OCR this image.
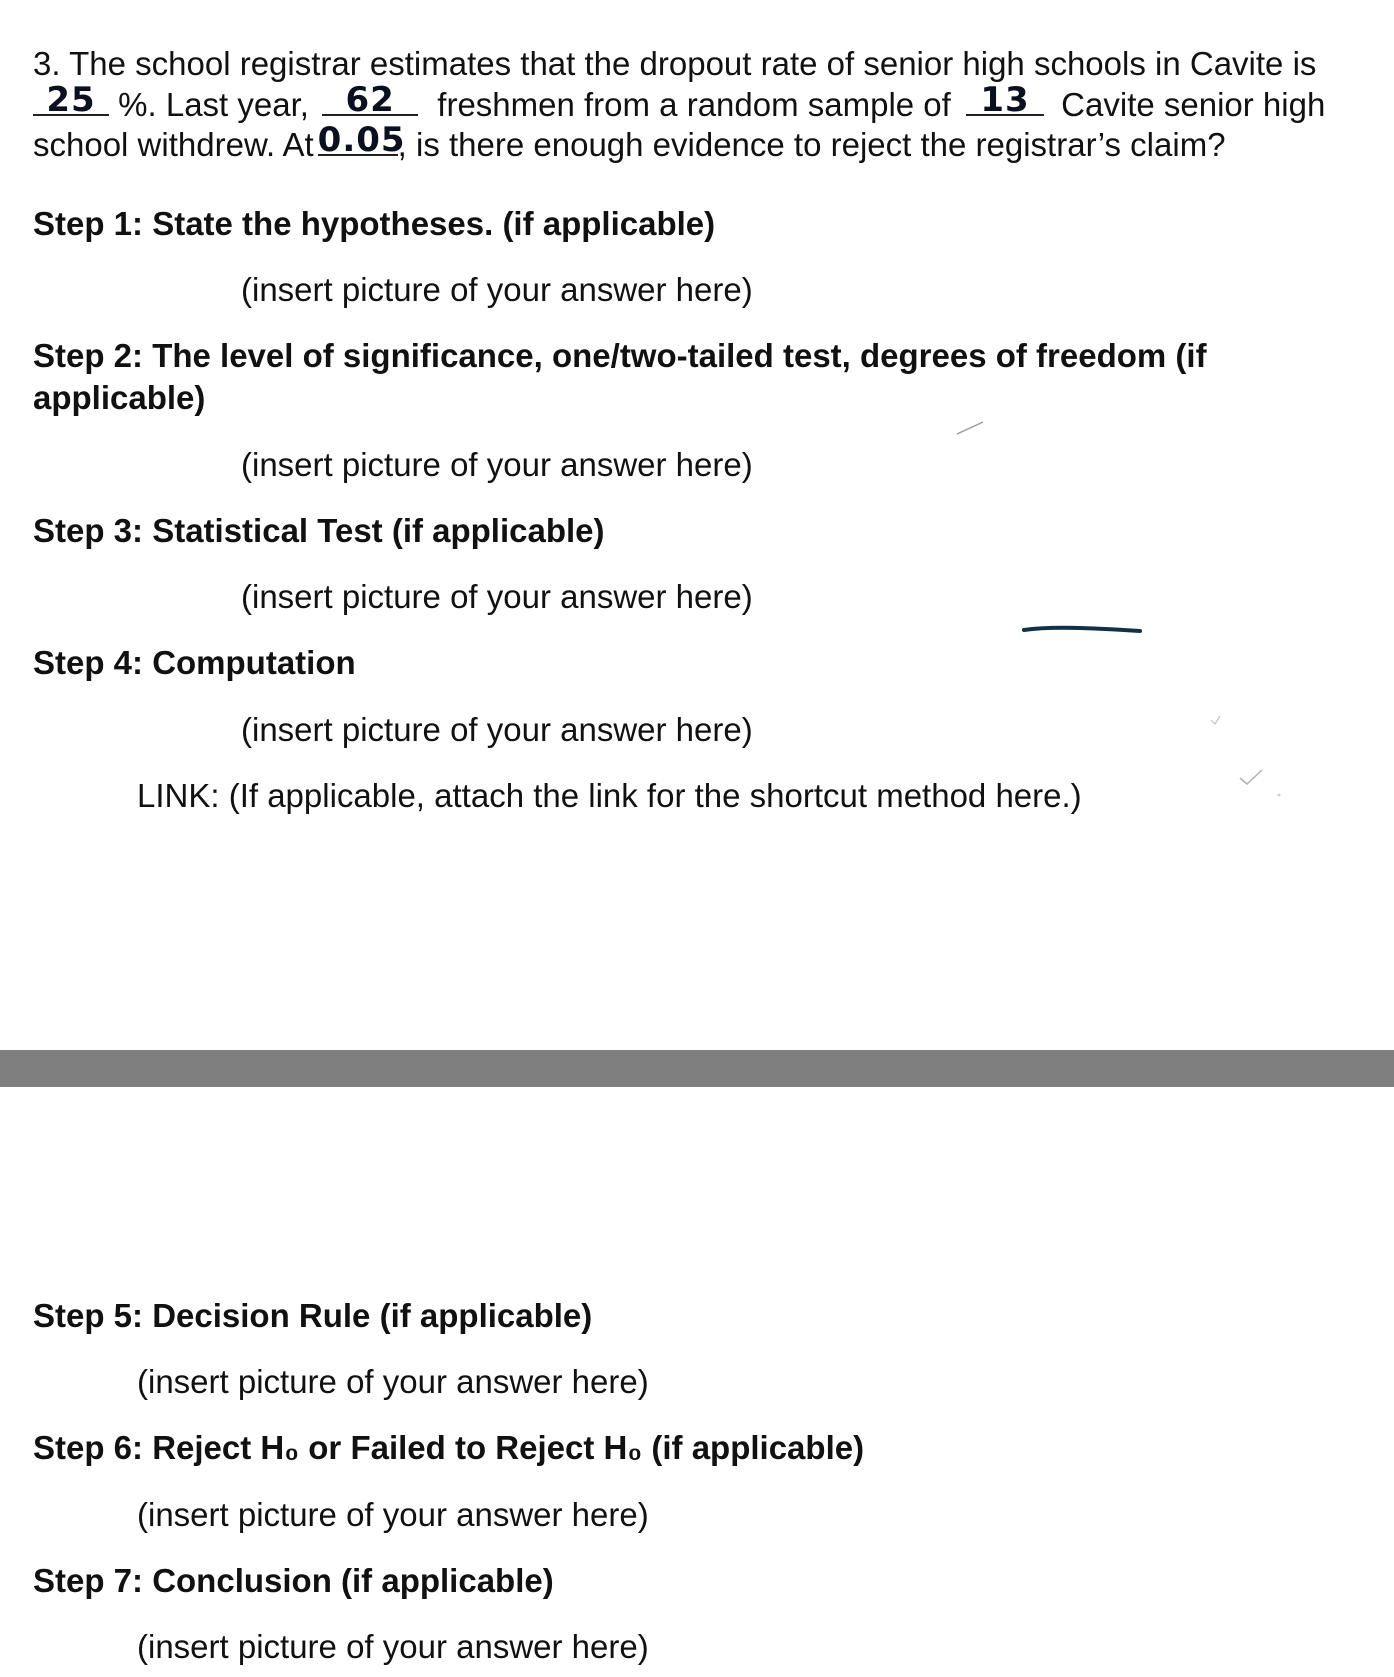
3. The school registrar estimates that the dropout rate of senior high schools in Cavite is
25 %. Last year,	62	freshmen from a random sample of 13 Cavite senior high
school withdrew. At 0.05
, is there enough evidence to reject the registrar’s claim?
Step 1: State the hypotheses. (if applicable)
(insert picture of your answer here)
Step 2: The level of significance, one/two-tailed test, degrees of freedom (if
applicable)
(insert picture of your answer here)
Step 3: Statistical Test (if applicable)
(insert picture of your answer here)
Step 4: Computation
(insert picture of your answer here)
LINK: (If applicable, attach the link for the shortcut method here.)
Step 5: Decision Rule (if applicable)
(insert picture of your answer here)
Step 6: Reject H₀ or Failed to Reject H₀ (if applicable)
(insert picture of your answer here)
Step 7: Conclusion (if applicable)
(insert picture of your answer here)
